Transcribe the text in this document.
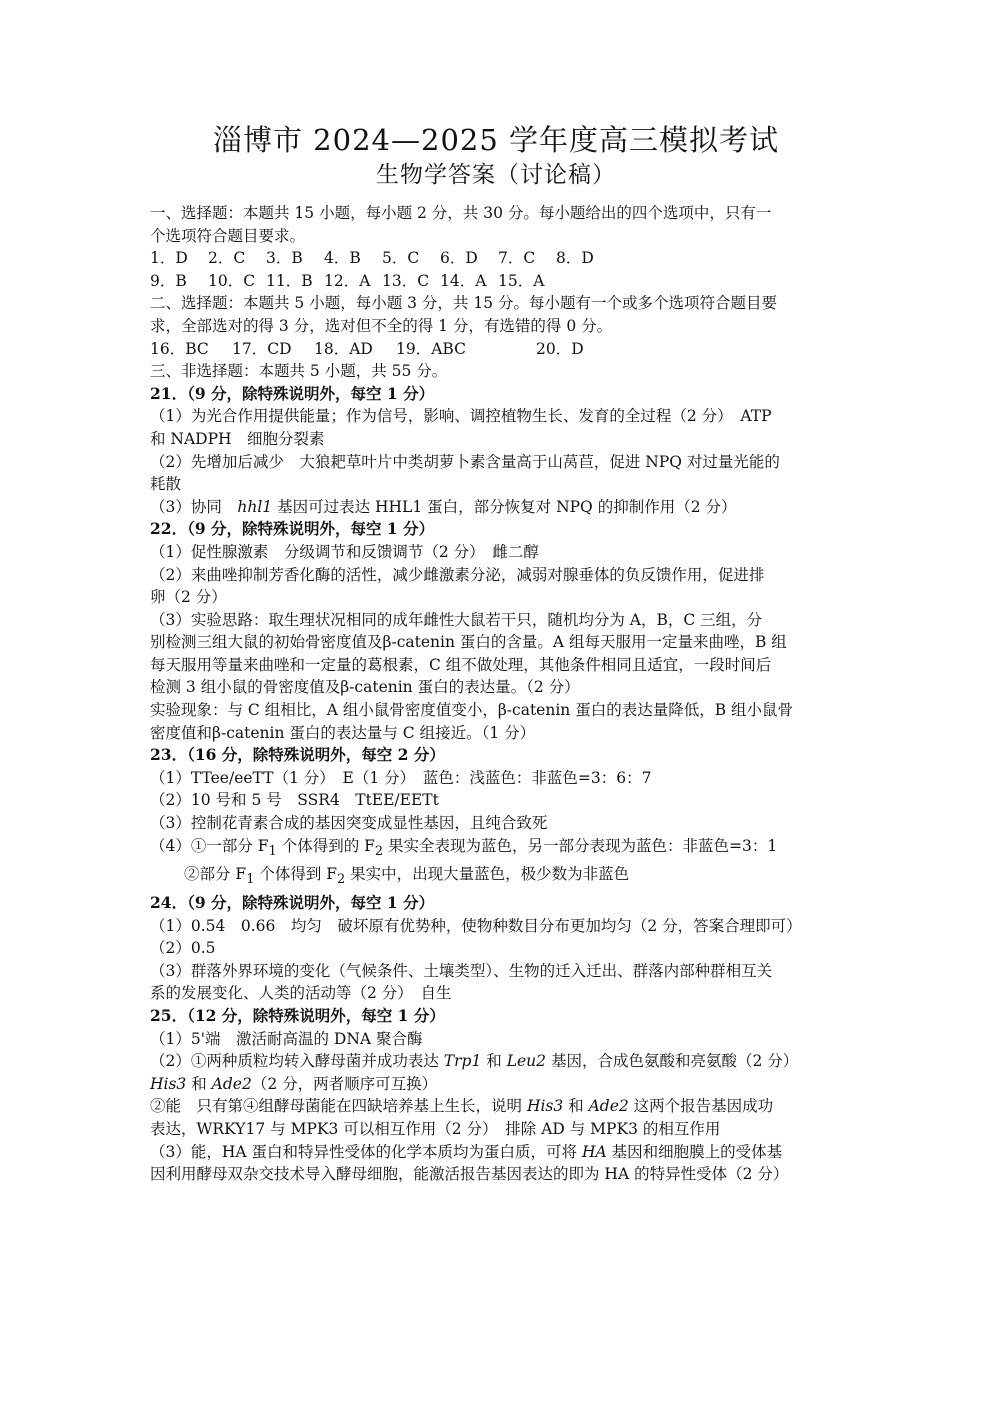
淄博市 2024—2025 学年度高三模拟考试
生物学答案（讨论稿）
一、选择题：本题共 15 小题，每小题 2 分，共 30 分。每小题给出的四个选项中，只有一
个选项符合题目要求。
1．D 2．C 3．B 4．B 5．C 6．D 7．C 8．D
9．B 10．C 11．B 12．A 13．C 14．A 15．A
二、选择题：本题共 5 小题，每小题 3 分，共 15 分。每小题有一个或多个选项符合题目要
求，全部选对的得 3 分，选对但不全的得 1 分，有选错的得 0 分。
16．BC 17．CD 18．AD 19．ABC	20．D
三、非选择题：本题共 5 小题，共 55 分。
21．（9 分，除特殊说明外，每空 1 分）
（1）为光合作用提供能量；作为信号，影响、调控植物生长、发育的全过程（2 分）　ATP
和 NADPH　细胞分裂素
（2）先增加后减少　大狼耙草叶片中类胡萝卜素含量高于山莴苣，促进 NPQ 对过量光能的
耗散
（3）协同　hhl1 基因可过表达 HHL1 蛋白，部分恢复对 NPQ 的抑制作用（2 分）
22．（9 分，除特殊说明外，每空 1 分）
（1）促性腺激素　分级调节和反馈调节（2 分）　雌二醇
（2）来曲唑抑制芳香化酶的活性，减少雌激素分泌，减弱对腺垂体的负反馈作用，促进排
卵（2 分）
（3）实验思路：取生理状况相同的成年雌性大鼠若干只，随机均分为 A，B，C 三组，分
别检测三组大鼠的初始骨密度值及β-catenin 蛋白的含量。A 组每天服用一定量来曲唑，B 组
每天服用等量来曲唑和一定量的葛根素，C 组不做处理，其他条件相同且适宜，一段时间后
检测 3 组小鼠的骨密度值及β-catenin 蛋白的表达量。（2 分）
实验现象：与 C 组相比，A 组小鼠骨密度值变小，β-catenin 蛋白的表达量降低，B 组小鼠骨
密度值和β-catenin 蛋白的表达量与 C 组接近。（1 分）
23．（16 分，除特殊说明外，每空 2 分）
（1）TTee/eeTT（1 分）　E（1 分）　蓝色：浅蓝色：非蓝色=3：6：7
（2）10 号和 5 号　SSR4　TtEE/EETt
（3）控制花青素合成的基因突变成显性基因，且纯合致死
（4）①一部分 $F_1$ 个体得到的 $F_2$ 果实全表现为蓝色，另一部分表现为蓝色：非蓝色=3：1
②部分 $F_1$ 个体得到 $F_2$ 果实中，出现大量蓝色，极少数为非蓝色
24．（9 分，除特殊说明外，每空 1 分）
（1）0.54　0.66　均匀　破坏原有优势种，使物种数目分布更加均匀（2 分，答案合理即可）
（2）0.5
（3）群落外界环境的变化（气候条件、土壤类型）、生物的迁入迁出、群落内部种群相互关
系的发展变化、人类的活动等（2 分）　自生
25．（12 分，除特殊说明外，每空 1 分）
（1）5'端　激活耐高温的 DNA 聚合酶
（2）①两种质粒均转入酵母菌并成功表达 Trp1 和 Leu2 基因，合成色氨酸和亮氨酸（2 分）
His3 和 Ade2（2 分，两者顺序可互换）
②能　只有第④组酵母菌能在四缺培养基上生长，说明 His3 和 Ade2 这两个报告基因成功
表达，WRKY17 与 MPK3 可以相互作用（2 分）　排除 AD 与 MPK3 的相互作用
（3）能，HA 蛋白和特异性受体的化学本质均为蛋白质，可将 HA 基因和细胞膜上的受体基
因利用酵母双杂交技术导入酵母细胞，能激活报告基因表达的即为 HA 的特异性受体（2 分）
